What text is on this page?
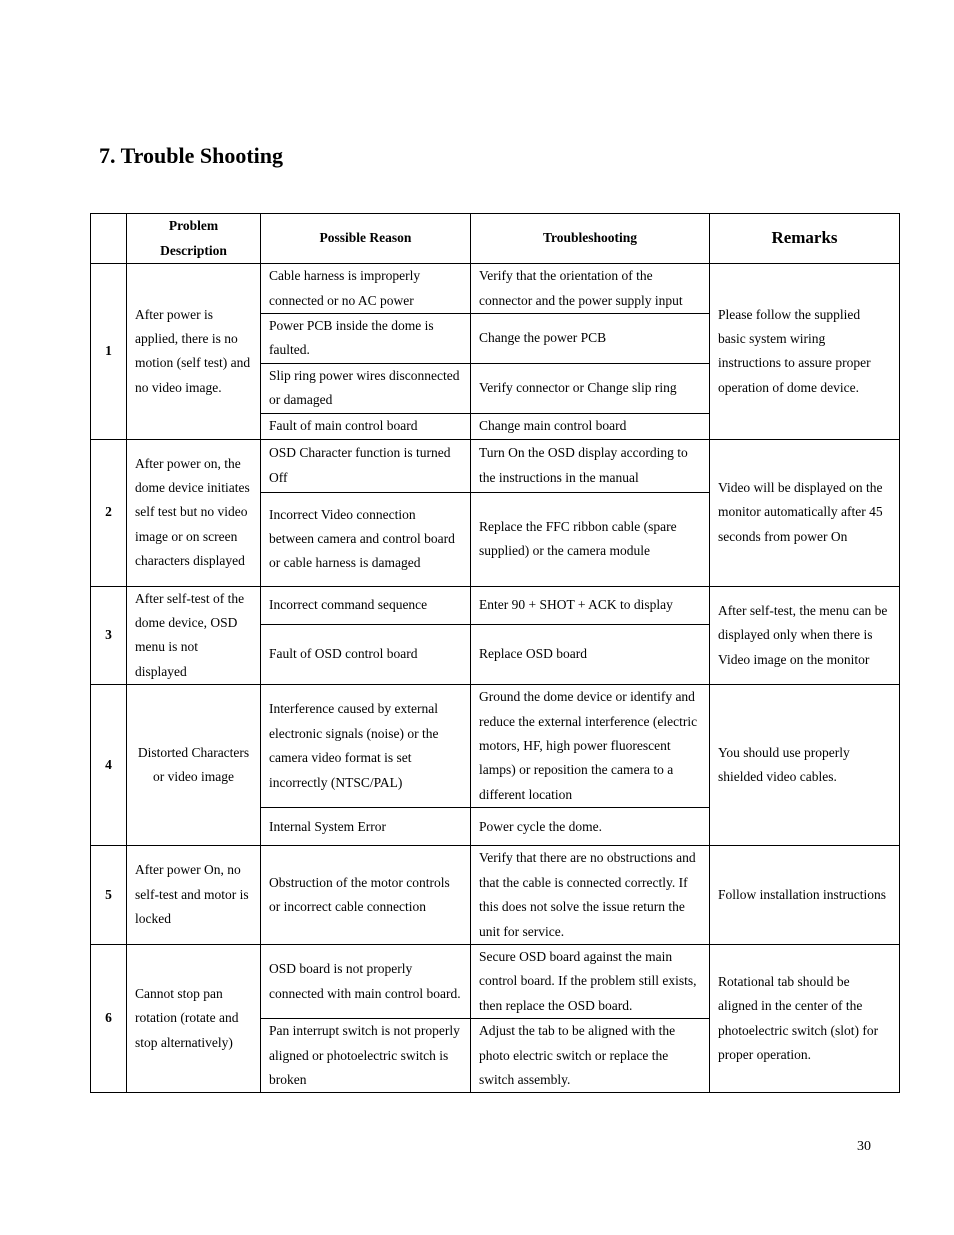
7. Trouble Shooting
	Problem Description	Possible Reason	Troubleshooting	Remarks
1	After power is applied, there is no motion (self test) and no video image.	Cable harness is improperly connected or no AC power	Verify that the orientation of the connector and the power supply input	Please follow the supplied basic system wiring instructions to assure proper operation of dome device.
		Power PCB inside the dome is faulted.	Change the power PCB	
		Slip ring power wires disconnected or damaged	Verify connector or Change slip ring	
		Fault of main control board	Change main control board	
2	After power on, the dome device initiates self test but no video image or on screen characters displayed	OSD Character function is turned Off	Turn On the OSD display according to the instructions in the manual	Video will be displayed on the monitor automatically after 45 seconds from power On
		Incorrect Video connection between camera and control board or cable harness is damaged	Replace the FFC ribbon cable (spare supplied) or the camera module	
3	After self-test of the dome device, OSD menu is not displayed	Incorrect command sequence	Enter 90 + SHOT + ACK to display	After self-test, the menu can be displayed only when there is Video image on the monitor
		Fault of OSD control board	Replace OSD board	
4	Distorted Characters or video image	Interference caused by external electronic signals (noise) or the camera video format is set incorrectly (NTSC/PAL)	Ground the dome device or identify and reduce the external interference (electric motors, HF, high power fluorescent lamps) or reposition the camera to a different location	You should use properly shielded video cables.
		Internal System Error	Power cycle the dome.	
5	After power On, no self-test and motor is locked	Obstruction of the motor controls or incorrect cable connection	Verify that there are no obstructions and that the cable is connected correctly. If this does not solve the issue return the unit for service.	Follow installation instructions
6	Cannot stop pan rotation (rotate and stop alternatively)	OSD board is not properly connected with main control board.	Secure OSD board against the main control board. If the problem still exists, then replace the OSD board.	Rotational tab should be aligned in the center of the photoelectric switch (slot) for proper operation.
		Pan interrupt switch is not properly aligned or photoelectric switch is broken	Adjust the tab to be aligned with the photo electric switch or replace the switch assembly.	
30
